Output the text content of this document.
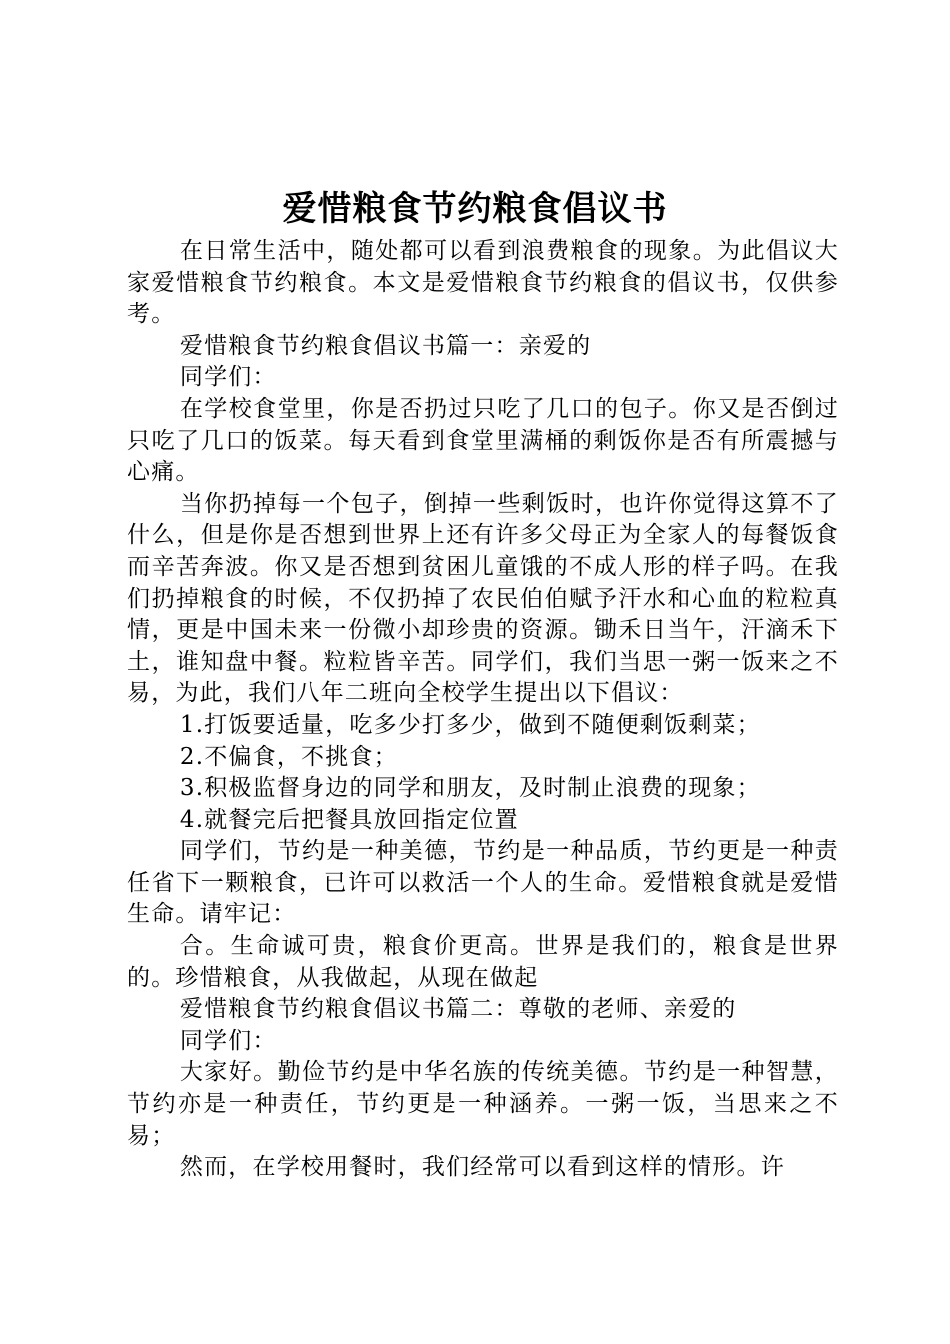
爱惜粮食节约粮食倡议书

在日常生活中，随处都可以看到浪费粮食的现象。为此倡议大家爱惜粮食节约粮食。本文是爱惜粮食节约粮食的倡议书，仅供参考。

爱惜粮食节约粮食倡议书篇一：亲爱的

同学们：

在学校食堂里，你是否扔过只吃了几口的包子。你又是否倒过只吃了几口的饭菜。每天看到食堂里满桶的剩饭你是否有所震撼与心痛。

当你扔掉每一个包子，倒掉一些剩饭时，也许你觉得这算不了什么，但是你是否想到世界上还有许多父母正为全家人的每餐饭食而辛苦奔波。你又是否想到贫困儿童饿的不成人形的样子吗。在我们扔掉粮食的时候，不仅扔掉了农民伯伯赋予汗水和心血的粒粒真情，更是中国未来一份微小却珍贵的资源。锄禾日当午，汗滴禾下土，谁知盘中餐。粒粒皆辛苦。同学们，我们当思一粥一饭来之不易，为此，我们八年二班向全校学生提出以下倡议：

1.打饭要适量，吃多少打多少，做到不随便剩饭剩菜；

2.不偏食，不挑食；

3.积极监督身边的同学和朋友，及时制止浪费的现象；

4.就餐完后把餐具放回指定位置

同学们，节约是一种美德，节约是一种品质，节约更是一种责任省下一颗粮食，已许可以救活一个人的生命。爱惜粮食就是爱惜生命。请牢记：

合。生命诚可贵，粮食价更高。世界是我们的，粮食是世界的。珍惜粮食，从我做起，从现在做起

爱惜粮食节约粮食倡议书篇二：尊敬的老师、亲爱的

同学们：

大家好。勤俭节约是中华名族的传统美德。节约是一种智慧，节约亦是一种责任，节约更是一种涵养。一粥一饭，当思来之不易；

然而，在学校用餐时，我们经常可以看到这样的情形。许
